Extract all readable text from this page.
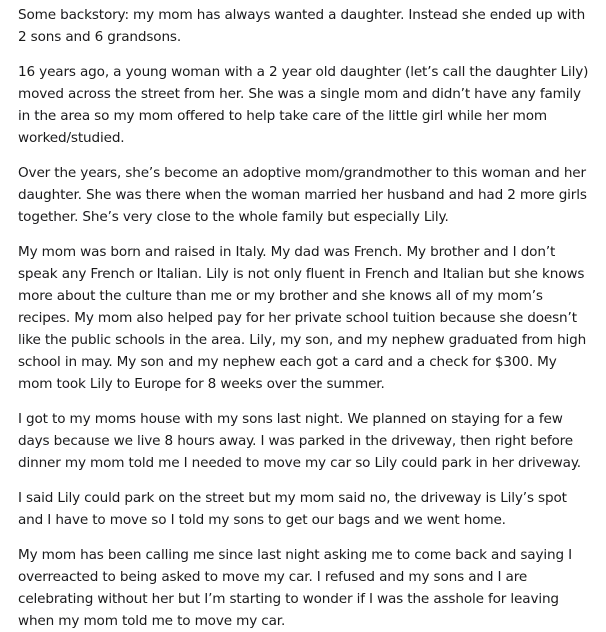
Some backstory: my mom has always wanted a daughter. Instead she ended up with 2 sons and 6 grandsons.

16 years ago, a young woman with a 2 year old daughter (let’s call the daughter Lily) moved across the street from her. She was a single mom and didn’t have any family in the area so my mom offered to help take care of the little girl while her mom worked/studied.

Over the years, she’s become an adoptive mom/grandmother to this woman and her daughter. She was there when the woman married her husband and had 2 more girls together. She’s very close to the whole family but especially Lily.

My mom was born and raised in Italy. My dad was French. My brother and I don’t speak any French or Italian. Lily is not only fluent in French and Italian but she knows more about the culture than me or my brother and she knows all of my mom’s recipes. My mom also helped pay for her private school tuition because she doesn’t like the public schools in the area. Lily, my son, and my nephew graduated from high school in may. My son and my nephew each got a card and a check for $300. My mom took Lily to Europe for 8 weeks over the summer.

I got to my moms house with my sons last night. We planned on staying for a few days because we live 8 hours away. I was parked in the driveway, then right before dinner my mom told me I needed to move my car so Lily could park in her driveway.

I said Lily could park on the street but my mom said no, the driveway is Lily’s spot and I have to move so I told my sons to get our bags and we went home.

My mom has been calling me since last night asking me to come back and saying I overreacted to being asked to move my car. I refused and my sons and I are celebrating without her but I’m starting to wonder if I was the asshole for leaving when my mom told me to move my car.
